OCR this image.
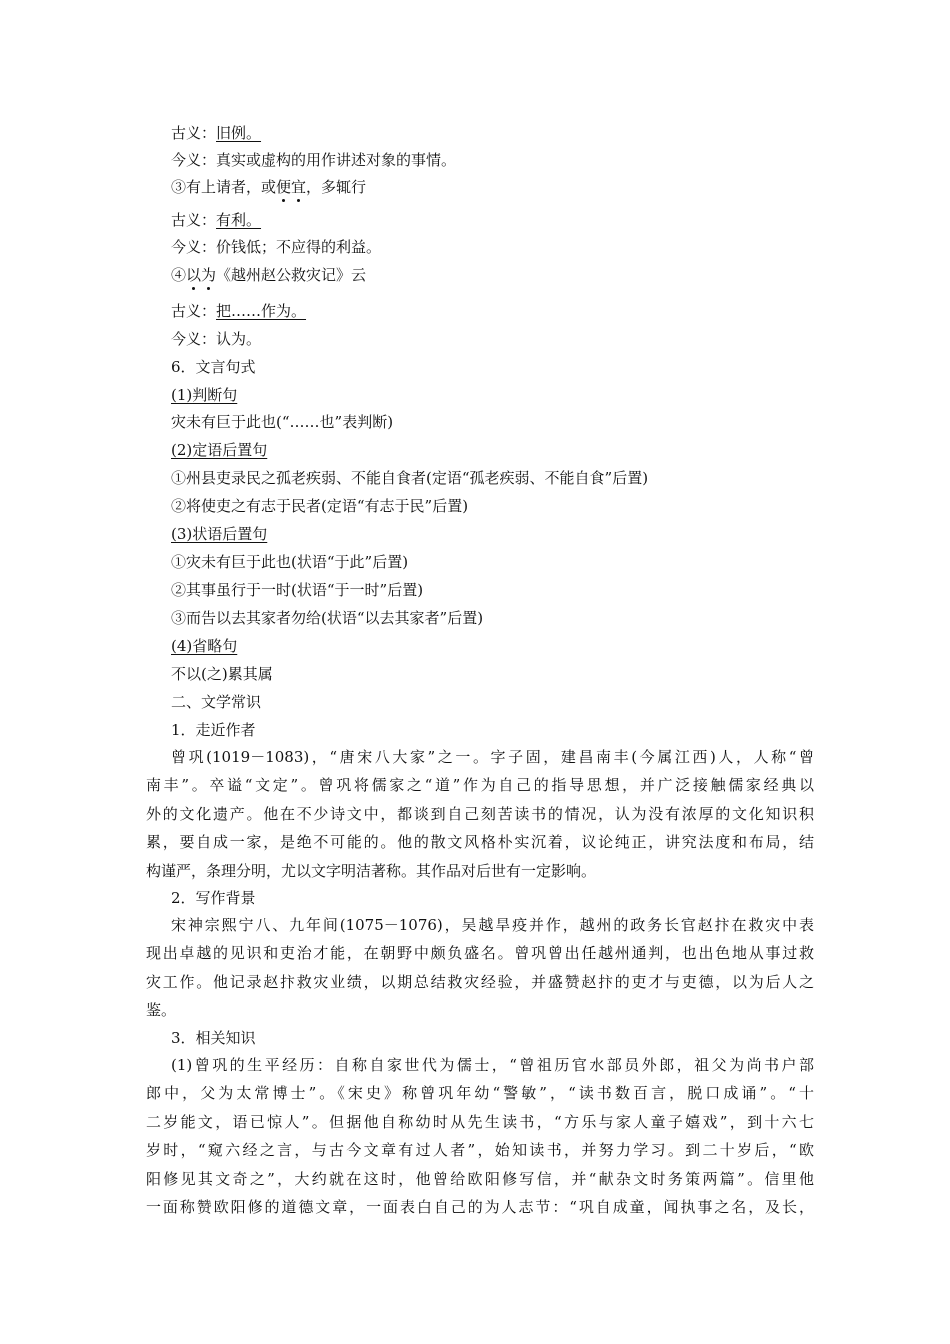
古义：旧例。
今义：真实或虚构的用作讲述对象的事情。
③有上请者，或便宜，多辄行
古义：有利。
今义：价钱低；不应得的利益。
④以为《越州赵公救灾记》云
古义：把……作为。
今义：认为。
6．文言句式
(1)判断句
灾未有巨于此也(“……也”表判断)
(2)定语后置句
①州县吏录民之孤老疾弱、不能自食者(定语“孤老疾弱、不能自食”后置)
②将使吏之有志于民者(定语“有志于民”后置)
(3)状语后置句
①灾未有巨于此也(状语“于此”后置)
②其事虽行于一时(状语“于一时”后置)
③而告以去其家者勿给(状语“以去其家者”后置)
(4)省略句
不以(之)累其属
二、文学常识
1．走近作者
曾巩(1019－1083)，“唐宋八大家”之一。字子固，建昌南丰(今属江西)人，人称“曾
南丰”。卒谥“文定”。曾巩将儒家之“道”作为自己的指导思想，并广泛接触儒家经典以
外的文化遗产。他在不少诗文中，都谈到自己刻苦读书的情况，认为没有浓厚的文化知识积
累，要自成一家，是绝不可能的。他的散文风格朴实沉着，议论纯正，讲究法度和布局，结
构谨严，条理分明，尤以文字明洁著称。其作品对后世有一定影响。
2．写作背景
宋神宗熙宁八、九年间(1075－1076)，吴越旱疫并作，越州的政务长官赵抃在救灾中表
现出卓越的见识和吏治才能，在朝野中颇负盛名。曾巩曾出任越州通判，也出色地从事过救
灾工作。他记录赵抃救灾业绩，以期总结救灾经验，并盛赞赵抃的吏才与吏德，以为后人之
鉴。
3．相关知识
(1)曾巩的生平经历：自称自家世代为儒士，“曾祖历官水部员外郎，祖父为尚书户部
郎中，父为太常博士”。《宋史》称曾巩年幼“警敏”，“读书数百言，脱口成诵”。“十
二岁能文，语已惊人”。但据他自称幼时从先生读书，“方乐与家人童子嬉戏”，到十六七
岁时，“窥六经之言，与古今文章有过人者”，始知读书，并努力学习。到二十岁后，“欧
阳修见其文奇之”，大约就在这时，他曾给欧阳修写信，并“献杂文时务策两篇”。信里他
一面称赞欧阳修的道德文章，一面表白自己的为人志节：“巩自成童，闻执事之名，及长，
